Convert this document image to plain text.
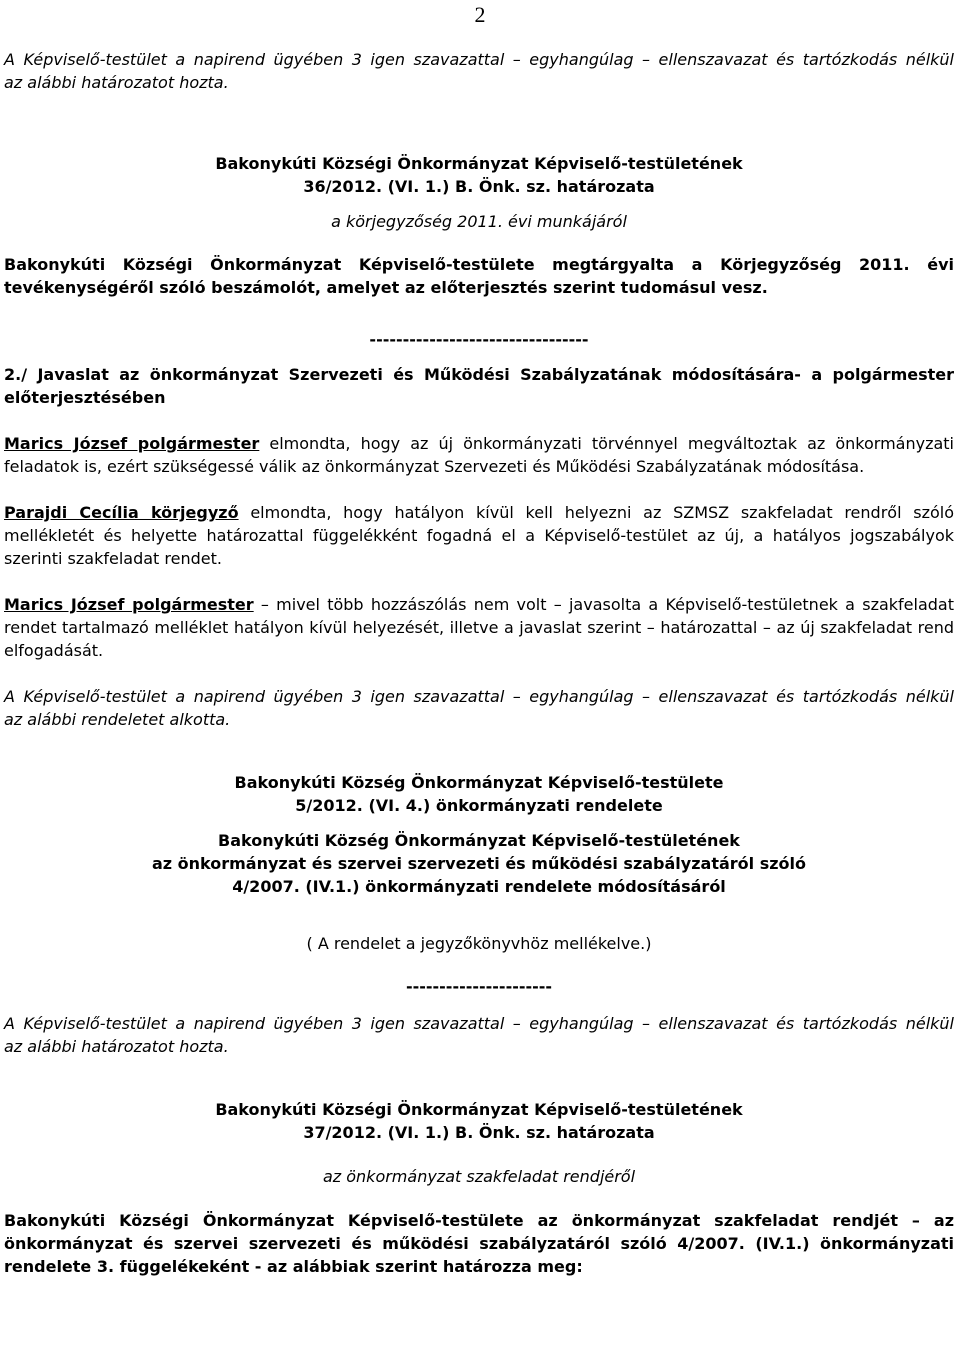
2

A Képviselő-testület a napirend ügyében 3 igen szavazattal – egyhangúlag – ellenszavazat és tartózkodás nélkül

az alábbi határozatot hozta.

Bakonykúti Községi Önkormányzat Képviselő-testületének

36/2012. (VI. 1.) B. Önk. sz. határozata

a körjegyzőség 2011. évi munkájáról

Bakonykúti Községi Önkormányzat Képviselő-testülete megtárgyalta a Körjegyzőség 2011. évi

tevékenységéről szóló beszámolót, amelyet az előterjesztés szerint tudomásul vesz.

---------------------------------

2./ Javaslat az önkormányzat Szervezeti és Működési Szabályzatának módosítására- a polgármester előterjesztésében

Marics József polgármester elmondta, hogy az új önkormányzati törvénnyel megváltoztak az önkormányzati feladatok is, ezért szükségessé válik az önkormányzat Szervezeti és Működési Szabályzatának módosítása.

Parajdi Cecília körjegyző elmondta, hogy hatályon kívül kell helyezni az SZMSZ szakfeladat rendről szóló mellékletét és helyette határozattal függelékként fogadná el a Képviselő-testület az új, a hatályos jogszabályok szerinti szakfeladat rendet.

Marics József polgármester – mivel több hozzászólás nem volt – javasolta a Képviselő-testületnek a szakfeladat rendet tartalmazó melléklet hatályon kívül helyezését, illetve a javaslat szerint – határozattal – az új szakfeladat rend elfogadását.

A Képviselő-testület a napirend ügyében 3 igen szavazattal – egyhangúlag – ellenszavazat és tartózkodás nélkül

az alábbi rendeletet alkotta.

Bakonykúti Község Önkormányzat Képviselő-testülete

5/2012. (VI. 4.) önkormányzati rendelete

Bakonykúti Község Önkormányzat Képviselő-testületének

az önkormányzat és szervei szervezeti és működési szabályzatáról szóló

4/2007. (IV.1.) önkormányzati rendelete módosításáról

( A rendelet a jegyzőkönyvhöz mellékelve.)

----------------------

A Képviselő-testület a napirend ügyében 3 igen szavazattal – egyhangúlag – ellenszavazat és tartózkodás nélkül

az alábbi határozatot hozta.

Bakonykúti Községi Önkormányzat Képviselő-testületének

37/2012. (VI. 1.) B. Önk. sz. határozata

az önkormányzat szakfeladat rendjéről

Bakonykúti Községi Önkormányzat Képviselő-testülete az önkormányzat szakfeladat rendjét – az önkormányzat és szervei szervezeti és működési szabályzatáról szóló 4/2007. (IV.1.) önkormányzati rendelete 3. függelékeként - az alábbiak szerint határozza meg:
